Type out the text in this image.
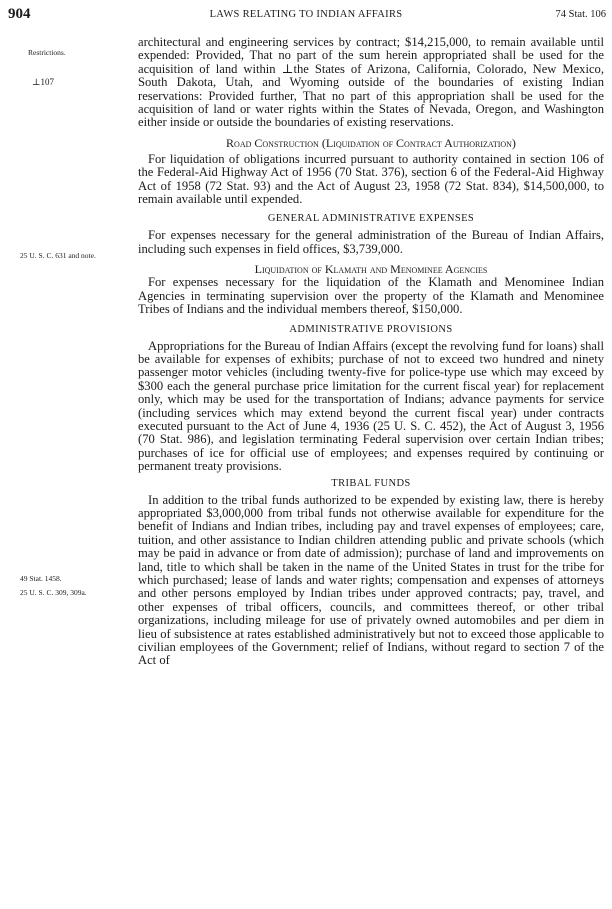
904	LAWS RELATING TO INDIAN AFFAIRS	74 Stat. 106
Restrictions.
⊥107
25 U. S. C. 631 and note.
49 Stat. 1458.
25 U. S. C. 309, 309a.

architectural and engineering services by contract; $14,215,000, to remain available until expended: Provided, That no part of the sum herein appropriated shall be used for the acquisition of land within ⊥the States of Arizona, California, Colorado, New Mexico, South Dakota, Utah, and Wyoming outside of the boundaries of existing Indian reservations: Provided further, That no part of this appropriation shall be used for the acquisition of land or water rights within the States of Nevada, Oregon, and Washington either inside or outside the boundaries of existing reservations.

Road Construction (Liquidation of Contract Authorization)

For liquidation of obligations incurred pursuant to authority contained in section 106 of the Federal-Aid Highway Act of 1956 (70 Stat. 376), section 6 of the Federal-Aid Highway Act of 1958 (72 Stat. 93) and the Act of August 23, 1958 (72 Stat. 834), $14,500,000, to remain available until expended.

GENERAL ADMINISTRATIVE EXPENSES

For expenses necessary for the general administration of the Bureau of Indian Affairs, including such expenses in field offices, $3,739,000.

Liquidation of Klamath and Menominee Agencies

For expenses necessary for the liquidation of the Klamath and Menominee Indian Agencies in terminating supervision over the property of the Klamath and Menominee Tribes of Indians and the individual members thereof, $150,000.

ADMINISTRATIVE PROVISIONS

Appropriations for the Bureau of Indian Affairs (except the revolving fund for loans) shall be available for expenses of exhibits; purchase of not to exceed two hundred and ninety passenger motor vehicles (including twenty-five for police-type use which may exceed by $300 each the general purchase price limitation for the current fiscal year) for replacement only, which may be used for the transportation of Indians; advance payments for service (including services which may extend beyond the current fiscal year) under contracts executed pursuant to the Act of June 4, 1936 (25 U. S. C. 452), the Act of August 3, 1956 (70 Stat. 986), and legislation terminating Federal supervision over certain Indian tribes; purchases of ice for official use of employees; and expenses required by continuing or permanent treaty provisions.

TRIBAL FUNDS

In addition to the tribal funds authorized to be expended by existing law, there is hereby appropriated $3,000,000 from tribal funds not otherwise available for expenditure for the benefit of Indians and Indian tribes, including pay and travel expenses of employees; care, tuition, and other assistance to Indian children attending public and private schools (which may be paid in advance or from date of admission); purchase of land and improvements on land, title to which shall be taken in the name of the United States in trust for the tribe for which purchased; lease of lands and water rights; compensation and expenses of attorneys and other persons employed by Indian tribes under approved contracts; pay, travel, and other expenses of tribal officers, councils, and committees thereof, or other tribal organizations, including mileage for use of privately owned automobiles and per diem in lieu of subsistence at rates established administratively but not to exceed those applicable to civilian employees of the Government; relief of Indians, without regard to section 7 of the Act of
